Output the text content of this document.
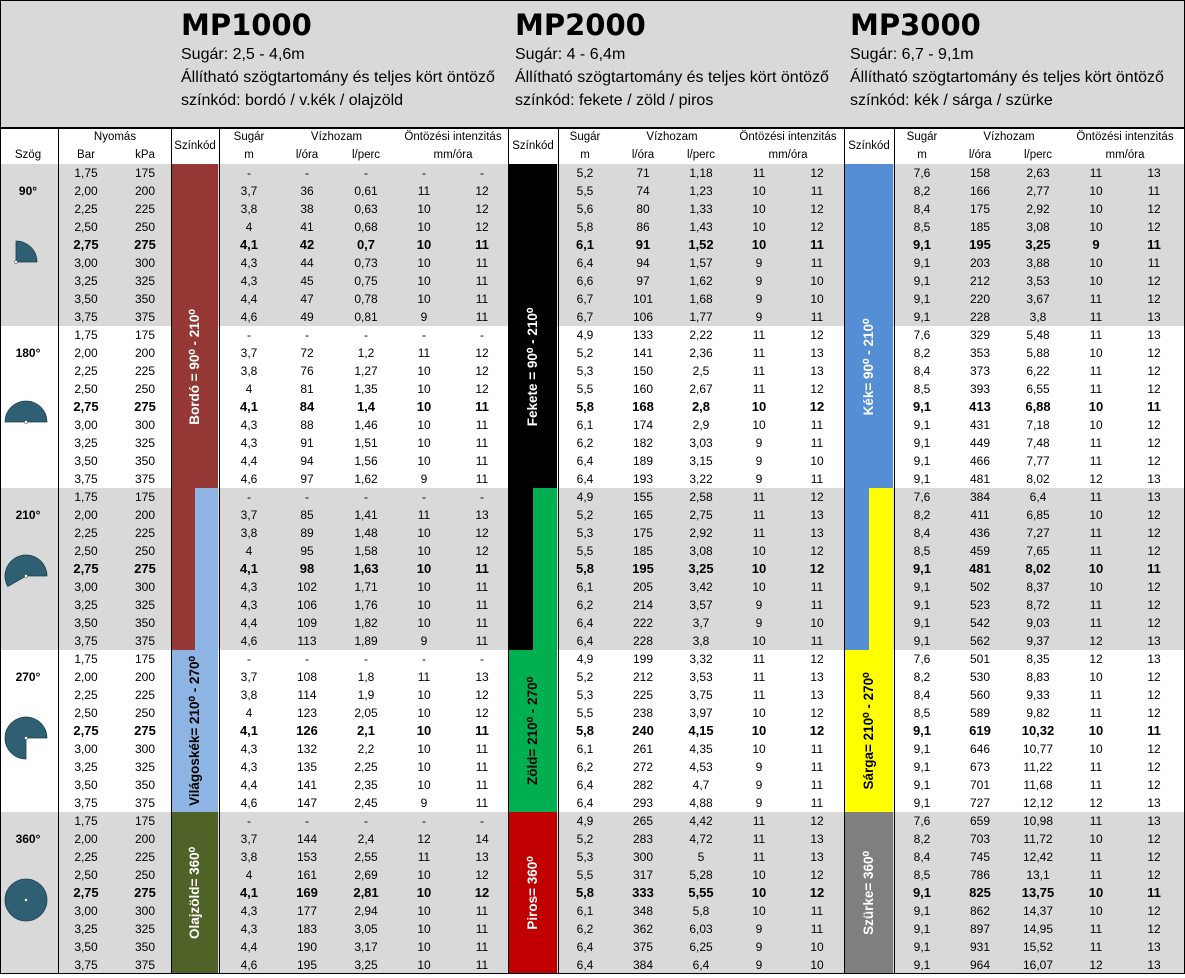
MP1000
Sugár: 2,5 - 4,6m
Állítható szögtartomány és teljes kört öntöző
színkód: bordó / v.kék / olajzöld
MP2000
Sugár: 4 - 6,4m
Állítható szögtartomány és teljes kört öntöző
színkód: fekete / zöld / piros
MP3000
Sugár: 6,7 - 9,1m
Állítható szögtartomány és teljes kört öntöző
színkód: kék / sárga / szürke
Nyomás
Színkód
Sugár	Vízhozam	Öntözési intenzitás
Színkód
Sugár	Vízhozam	Öntözési intenzitás
Színkód
Sugár	Vízhozam	Öntözési intenzitás
Szög	Bar	kPa	m	l/óra	l/perc	mm/óra	m	l/óra	l/perc	mm/óra	m	l/óra	l/perc	mm/óra
90°
1,75	175	-	-	-	-	-	5,2	71	1,18	11	12	7,6	158	2,63	11	13
2,00	200	3,7	36	0,61	11	12	5,5	74	1,23	10	11	8,2	166	2,77	10	11
2,25	225	3,8	38	0,63	10	12	5,6	80	1,33	10	12	8,4	175	2,92	10	12
2,50	250	4	41	0,68	10	12	5,8	86	1,43	10	12	8,5	185	3,08	10	12
2,75	275	4,1	42	0,7	10	11	6,1	91	1,52	10	11	9,1	195	3,25	9	11
3,00	300	4,3	44	0,73	10	11	6,4	94	1,57	9	11	9,1	203	3,88	10	11
3,25	325	4,3	45	0,75	10	11	6,6	97	1,62	9	10	9,1	212	3,53	10	12
3,50	350	4,4	47	0,78	10	11	6,7	101	1,68	9	10	9,1	220	3,67	11	12
3,75	375	4,6	49	0,81	9	11	6,7	106	1,77	9	11	9,1	228	3,8	11	13
180°
1,75	175	-	-	-	-	-	4,9	133	2,22	11	12	7,6	329	5,48	11	13
2,00	200	3,7	72	1,2	11	12	5,2	141	2,36	11	13	8,2	353	5,88	10	12
2,25	225	3,8	76	1,27	10	12	5,3	150	2,5	11	13	8,4	373	6,22	11	12
2,50	250	4	81	1,35	10	12	5,5	160	2,67	11	12	8,5	393	6,55	11	12
2,75	275	4,1	84	1,4	10	11	5,8	168	2,8	10	12	9,1	413	6,88	10	11
3,00	300	4,3	88	1,46	10	11	6,1	174	2,9	10	11	9,1	431	7,18	10	12
3,25	325	4,3	91	1,51	10	11	6,2	182	3,03	9	11	9,1	449	7,48	11	12
3,50	350	4,4	94	1,56	10	11	6,4	189	3,15	9	10	9,1	466	7,77	11	12
3,75	375	4,6	97	1,62	9	11	6,4	193	3,22	9	11	9,1	481	8,02	12	13
210°
1,75	175	-	-	-	-	-	4,9	155	2,58	11	12	7,6	384	6,4	11	13
2,00	200	3,7	85	1,41	11	13	5,2	165	2,75	11	13	8,2	411	6,85	10	12
2,25	225	3,8	89	1,48	10	12	5,3	175	2,92	11	13	8,4	436	7,27	11	12
2,50	250	4	95	1,58	10	12	5,5	185	3,08	10	12	8,5	459	7,65	11	12
2,75	275	4,1	98	1,63	10	11	5,8	195	3,25	10	12	9,1	481	8,02	10	11
3,00	300	4,3	102	1,71	10	11	6,1	205	3,42	10	11	9,1	502	8,37	10	12
3,25	325	4,3	106	1,76	10	11	6,2	214	3,57	9	11	9,1	523	8,72	11	12
3,50	350	4,4	109	1,82	10	11	6,4	222	3,7	9	10	9,1	542	9,03	11	12
3,75	375	4,6	113	1,89	9	11	6,4	228	3,8	10	11	9,1	562	9,37	12	13
270°
1,75	175	-	-	-	-	-	4,9	199	3,32	11	12	7,6	501	8,35	12	13
2,00	200	3,7	108	1,8	11	13	5,2	212	3,53	11	13	8,2	530	8,83	10	12
2,25	225	3,8	114	1,9	10	12	5,3	225	3,75	11	13	8,4	560	9,33	11	12
2,50	250	4	123	2,05	10	12	5,5	238	3,97	10	12	8,5	589	9,82	11	12
2,75	275	4,1	126	2,1	10	11	5,8	240	4,15	10	12	9,1	619	10,32	10	11
3,00	300	4,3	132	2,2	10	11	6,1	261	4,35	10	11	9,1	646	10,77	10	12
3,25	325	4,3	135	2,25	10	11	6,2	272	4,53	9	11	9,1	673	11,22	11	12
3,50	350	4,4	141	2,35	10	11	6,4	282	4,7	9	11	9,1	701	11,68	11	12
3,75	375	4,6	147	2,45	9	11	6,4	293	4,88	9	11	9,1	727	12,12	12	13
360°
1,75	175	-	-	-	-	-	4,9	265	4,42	11	12	7,6	659	10,98	11	13
2,00	200	3,7	144	2,4	12	14	5,2	283	4,72	11	13	8,2	703	11,72	10	12
2,25	225	3,8	153	2,55	11	13	5,3	300	5	11	13	8,4	745	12,42	11	12
2,50	250	4	161	2,69	10	12	5,5	317	5,28	10	12	8,5	786	13,1	11	12
2,75	275	4,1	169	2,81	10	12	5,8	333	5,55	10	12	9,1	825	13,75	10	11
3,00	300	4,3	177	2,94	10	11	6,1	348	5,8	10	11	9,1	862	14,37	10	12
3,25	325	4,3	183	3,05	10	11	6,2	362	6,03	9	11	9,1	897	14,95	11	12
3,50	350	4,4	190	3,17	10	11	6,4	375	6,25	9	10	9,1	931	15,52	11	13
3,75	375	4,6	195	3,25	10	11	6,4	384	6,4	9	10	9,1	964	16,07	12	13
Bordó = 90⁰ - 210⁰
Világoskék= 210⁰ - 270⁰
Olajzöld= 360⁰
Fekete = 90⁰ - 210⁰
Zöld= 210⁰ - 270⁰
Piros= 360⁰
Kék= 90⁰ - 210⁰
Sárga= 210⁰ - 270⁰
Szürke= 360⁰
